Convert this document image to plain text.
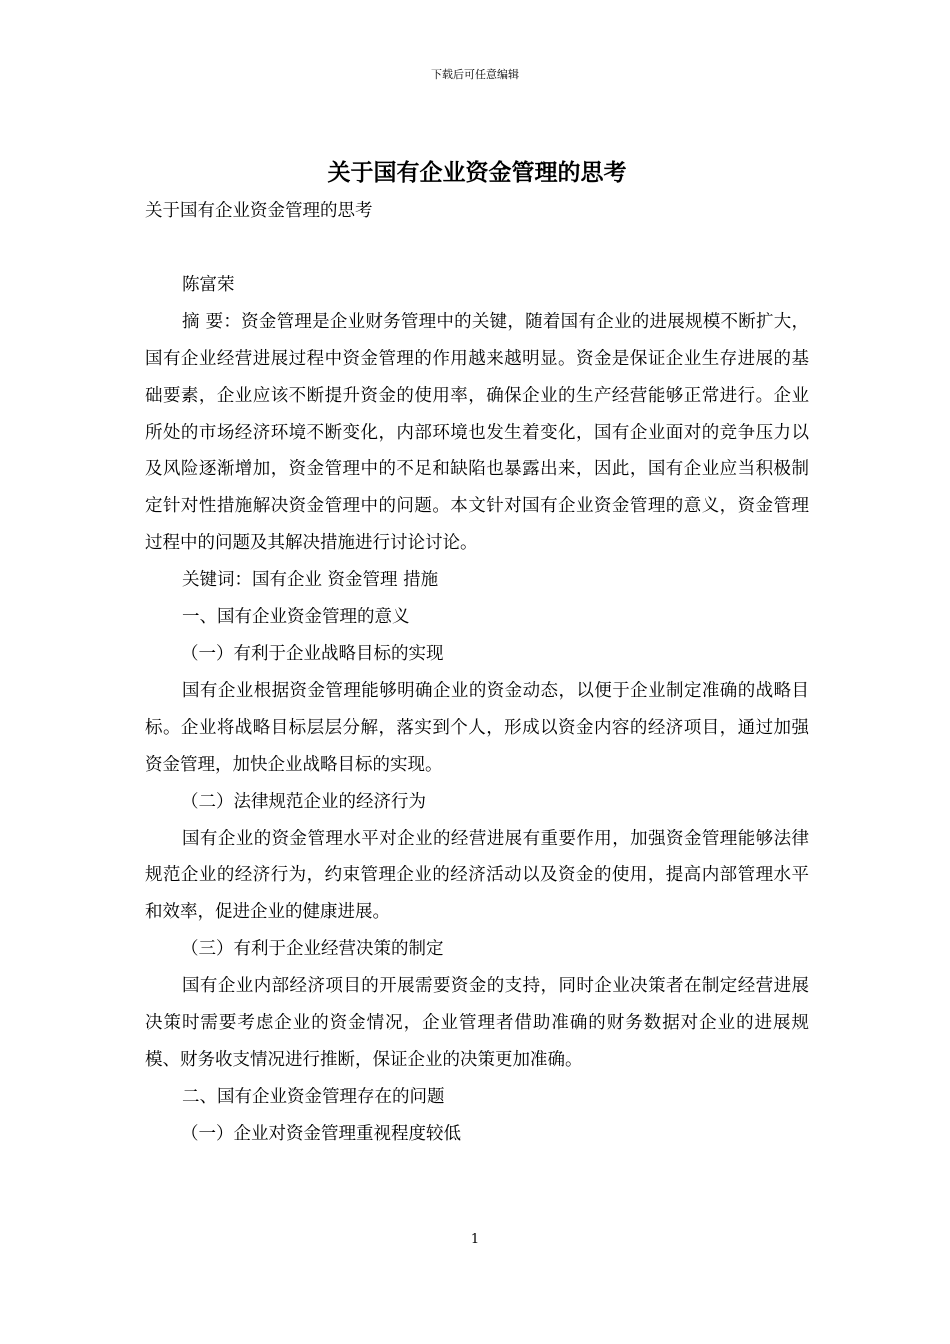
下载后可任意编辑
关于国有企业资金管理的思考

关于国有企业资金管理的思考

陈富荣

摘 要：资金管理是企业财务管理中的关键，随着国有企业的进展规模不断扩大，国有企业经营进展过程中资金管理的作用越来越明显。资金是保证企业生存进展的基础要素，企业应该不断提升资金的使用率，确保企业的生产经营能够正常进行。企业所处的市场经济环境不断变化，内部环境也发生着变化，国有企业面对的竞争压力以及风险逐渐增加，资金管理中的不足和缺陷也暴露出来，因此，国有企业应当积极制定针对性措施解决资金管理中的问题。本文针对国有企业资金管理的意义，资金管理过程中的问题及其解决措施进行讨论讨论。

关键词：国有企业 资金管理 措施

一、国有企业资金管理的意义

（一）有利于企业战略目标的实现

国有企业根据资金管理能够明确企业的资金动态，以便于企业制定准确的战略目标。企业将战略目标层层分解，落实到个人，形成以资金内容的经济项目，通过加强资金管理，加快企业战略目标的实现。

（二）法律规范企业的经济行为

国有企业的资金管理水平对企业的经营进展有重要作用，加强资金管理能够法律规范企业的经济行为，约束管理企业的经济活动以及资金的使用，提高内部管理水平和效率，促进企业的健康进展。

（三）有利于企业经营决策的制定

国有企业内部经济项目的开展需要资金的支持，同时企业决策者在制定经营进展决策时需要考虑企业的资金情况，企业管理者借助准确的财务数据对企业的进展规模、财务收支情况进行推断，保证企业的决策更加准确。

二、国有企业资金管理存在的问题

（一）企业对资金管理重视程度较低

1
